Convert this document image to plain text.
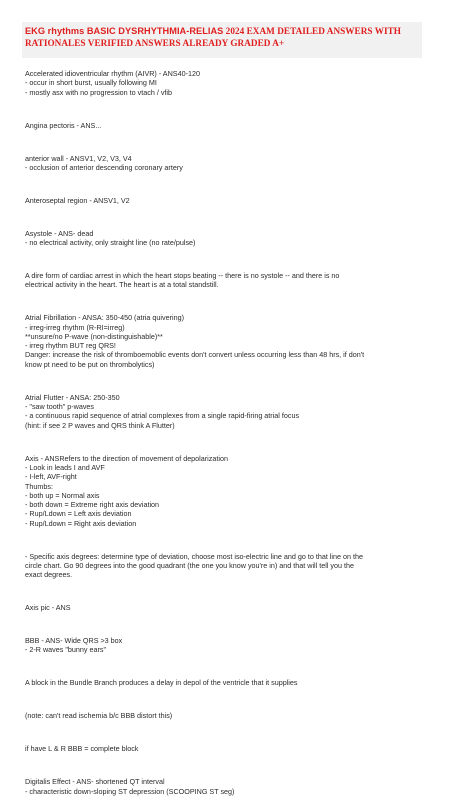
EKG rhythms BASIC DYSRHYTHMIA-RELIAS 2024 EXAM DETAILED ANSWERS WITH
RATIONALES VERIFIED ANSWERS ALREADY GRADED A+

Accelerated idioventricular rhythm (AIVR) - ANS40-120

- occur in short burst, usually following MI

- mostly asx with no progression to vtach / vfib

Angina pectoris - ANS...

anterior wall - ANSV1, V2, V3, V4

- occlusion of anterior descending coronary artery

Anteroseptal region - ANSV1, V2

Asystole - ANS- dead

- no electrical activity, only straight line (no rate/pulse)

A dire form of cardiac arrest in which the heart stops beating -- there is no systole -- and there is no

electrical activity in the heart. The heart is at a total standstill.

Atrial Fibrillation - ANSA: 350-450 (atria quivering)

- irreg-irreg rhythm (R-RI=irreg)

**unsure/no P-wave (non-distinguishable)**

- irreg rhythm BUT reg QRS!

Danger: increase the risk of thromboemoblic events don't convert unless occurring less than 48 hrs, if don't

know pt need to be put on thrombolytics)

Atrial Flutter - ANSA: 250-350

- "saw tooth" p-waves

- a continuous rapid sequence of atrial complexes from a single rapid-firing atrial focus

(hint: if see 2 P waves and QRS think A Flutter)

Axis - ANSRefers to the direction of movement of depolarization

- Look in leads I and AVF

- I-left, AVF-right

Thumbs:

- both up = Normal axis

- both down = Extreme right axis deviation

- Rup/Ldown = Left axis deviation

- Rup/Ldown = Right axis deviation

- Specific axis degrees: determine type of deviation, choose most iso-electric line and go to that line on the

circle chart. Go 90 degrees into the good quadrant (the one you know you're in) and that will tell you the

exact degrees.

Axis pic - ANS

BBB - ANS- Wide QRS >3 box

- 2-R waves "bunny ears"

A block in the Bundle Branch produces a delay in depol of the ventricle that it supplies

(note: can't read ischemia b/c BBB distort this)

if have L & R BBB = complete block

Digitalis Effect - ANS- shortened QT interval

- characteristic down-sloping ST depression (SCOOPING ST seg)
